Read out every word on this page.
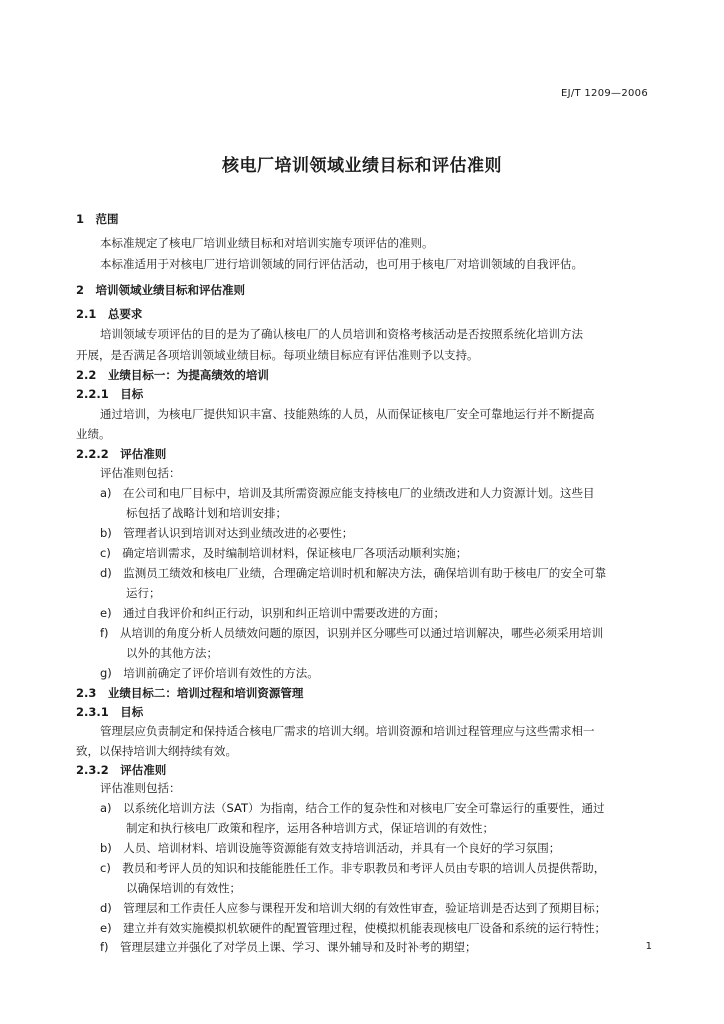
EJ/T 1209—2006
核电厂培训领域业绩目标和评估准则
1　范围
本标准规定了核电厂培训业绩目标和对培训实施专项评估的准则。
本标准适用于对核电厂进行培训领域的同行评估活动，也可用于核电厂对培训领域的自我评估。
2　培训领域业绩目标和评估准则
2.1　总要求
培训领域专项评估的目的是为了确认核电厂的人员培训和资格考核活动是否按照系统化培训方法
开展，是否满足各项培训领域业绩目标。每项业绩目标应有评估准则予以支持。
2.2　业绩目标一：为提高绩效的培训
2.2.1　目标
通过培训，为核电厂提供知识丰富、技能熟练的人员，从而保证核电厂安全可靠地运行并不断提高
业绩。
2.2.2　评估准则
评估准则包括：
a)　在公司和电厂目标中，培训及其所需资源应能支持核电厂的业绩改进和人力资源计划。这些目
标包括了战略计划和培训安排；
b)　管理者认识到培训对达到业绩改进的必要性；
c)　确定培训需求，及时编制培训材料，保证核电厂各项活动顺利实施；
d)　监测员工绩效和核电厂业绩，合理确定培训时机和解决方法，确保培训有助于核电厂的安全可靠
运行；
e)　通过自我评价和纠正行动，识别和纠正培训中需要改进的方面；
f)　从培训的角度分析人员绩效问题的原因，识别并区分哪些可以通过培训解决，哪些必须采用培训
以外的其他方法；
g)　培训前确定了评价培训有效性的方法。
2.3　业绩目标二：培训过程和培训资源管理
2.3.1　目标
管理层应负责制定和保持适合核电厂需求的培训大纲。培训资源和培训过程管理应与这些需求相一
致，以保持培训大纲持续有效。
2.3.2　评估准则
评估准则包括：
a)　以系统化培训方法（SAT）为指南，结合工作的复杂性和对核电厂安全可靠运行的重要性，通过
制定和执行核电厂政策和程序，运用各种培训方式，保证培训的有效性；
b)　人员、培训材料、培训设施等资源能有效支持培训活动，并具有一个良好的学习氛围；
c)　教员和考评人员的知识和技能能胜任工作。非专职教员和考评人员由专职的培训人员提供帮助，
以确保培训的有效性；
d)　管理层和工作责任人应参与课程开发和培训大纲的有效性审查，验证培训是否达到了预期目标；
e)　建立并有效实施模拟机软硬件的配置管理过程，使模拟机能表现核电厂设备和系统的运行特性；
f)　管理层建立并强化了对学员上课、学习、课外辅导和及时补考的期望；	1
